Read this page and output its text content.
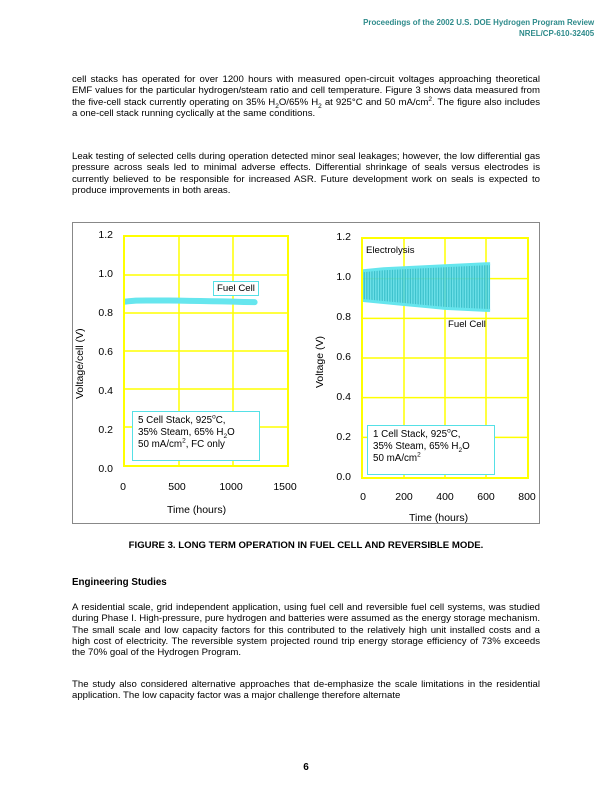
Proceedings of the 2002 U.S. DOE Hydrogen Program Review
NREL/CP-610-32405

cell stacks has operated for over 1200 hours with measured open-circuit voltages approaching theoretical EMF values for the particular hydrogen/steam ratio and cell temperature. Figure 3 shows data measured from the five-cell stack currently operating on 35% $H_2O/65\%$ $H_2$ at 925°C and 50 $mA/cm^2$. The figure also includes a one-cell stack running cyclically at the same conditions.

Leak testing of selected cells during operation detected minor seal leakages; however, the low differential gas pressure across seals led to minimal adverse effects. Differential shrinkage of seals versus electrodes is currently believed to be responsible for increased ASR. Future development work on seals is expected to produce improvements in both areas.

1.2
1.0
0.8
0.6
0.4
0.2
0.0
0	500	1000	1500
Voltage/cell (V)
Time (hours)
Fuel Cell
5 Cell Stack, 925$^o$C,
35% Steam, 65% $H_2O$
50 $mA/cm^2$, FC only
1.2
1.0
0.8
0.6
0.4
0.2
0.0
0	200	400	600	800
Voltage (V)
Time (hours)
Electrolysis
Fuel Cell
1 Cell Stack, 925$^o$C,
35% Steam, 65% $H_2O$
50 $mA/cm^2$
FIGURE 3. LONG TERM OPERATION IN FUEL CELL AND REVERSIBLE MODE.
Engineering Studies

A residential scale, grid independent application, using fuel cell and reversible fuel cell systems, was studied during Phase I. High-pressure, pure hydrogen and batteries were assumed as the energy storage mechanism. The small scale and low capacity factors for this contributed to the relatively high unit installed costs and a high cost of electricity. The reversible system projected round trip energy storage efficiency of 73% exceeds the 70% goal of the Hydrogen Program.

The study also considered alternative approaches that de-emphasize the scale limitations in the residential application. The low capacity factor was a major challenge therefore alternate

6
